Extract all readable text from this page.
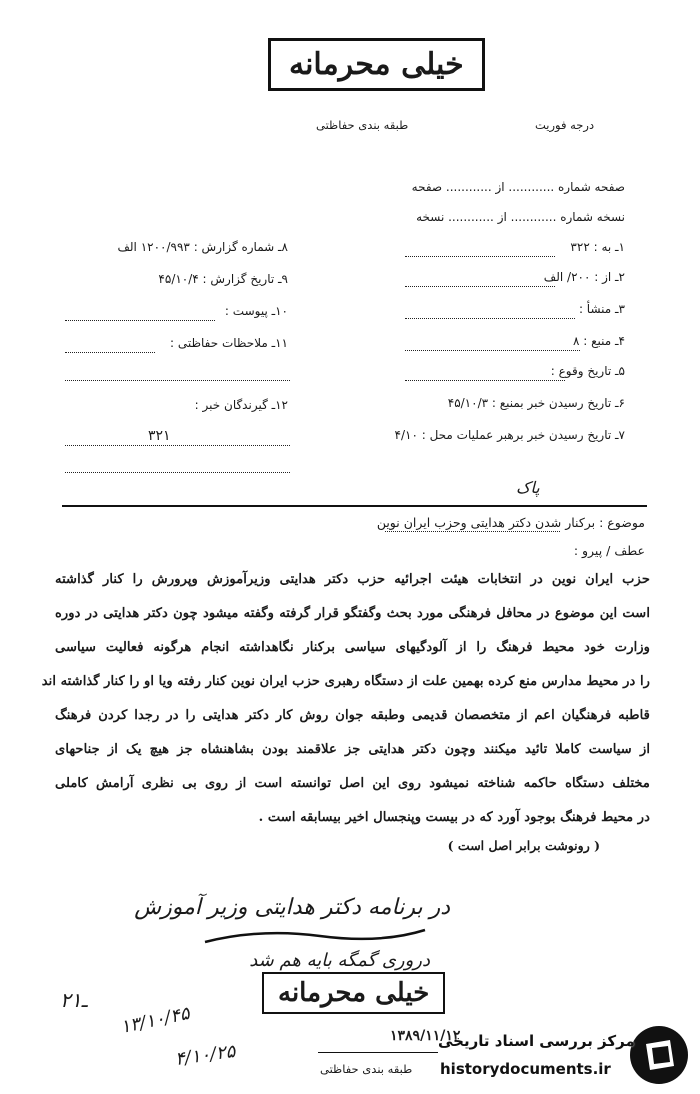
خیلی محرمانه
طبقه بندی حفاظتی	درجه فوریت
صفحه شماره ............ از ............ صفحه
نسخه شماره ............ از ............ نسخه
۱ـ به : ۳۲۲
۲ـ از : ۲۰۰/ الف
۳ـ منشأ :
۴ـ منبع : ۸
۵ـ تاریخ وقوع :
۶ـ تاریخ رسیدن خبر بمنبع : ۴۵/۱۰/۳
۷ـ تاریخ رسیدن خبر برهبر عملیات محل : ۴/۱۰
۸ـ شماره گزارش : ۱۲۰۰/۹۹۳ الف
۹ـ تاریخ گزارش : ۴۵/۱۰/۴
۱۰ـ پیوست :
۱۱ـ ملاحظات حفاظتی :
۱۲ـ گیرندگان خبر :
۳۲۱
پاک
موضوع : برکنار شدن دکتر هدایتی وحزب ایران نوین
عطف / پیرو :
حزب ایران نوین در انتخابات هیئت اجرائیه حزب دکتر هدایتی وزیرآموزش وپرورش را کنار گذاشته
است این موضوع در محافل فرهنگی مورد بحث وگفتگو قرار گرفته وگفته میشود چون دکتر هدایتی در دوره
وزارت خود محیط فرهنگ را از آلودگیهای سیاسی برکنار نگاهداشته انجام هرگونه فعالیت سیاسی
را در محیط مدارس منع کرده بهمین علت از دستگاه رهبری حزب ایران نوین کنار رفته ویا او را کنار گذاشته اند
قاطبه فرهنگیان اعم از متخصصان قدیمی وطبقه جوان روش کار دکتر هدایتی را در رجدا کردن فرهنگ
از سیاست کاملا تائید میکنند وچون دکتر هدایتی جز علاقمند بودن بشاهنشاه جز هیچ یک از جناحهای
مختلف دستگاه حاکمه شناخته نمیشود روی این اصل توانسته است از روی بی نظری آرامش کاملی
در محیط فرهنگ بوجود آورد که در بیست وپنجسال اخیر بیسابقه است .
( رونوشت برابر اصل است )
در برنامه دکتر هدایتی وزیر آموزش
دروری گمگه بایه هم شد
۲۱ـ
۱۳/۱۰/۴۵
۴/۱۰/۲۵
خیلی محرمانه
۱۳۸۹/۱۱/۱۲
طبقه بندی حفاظتی
مرکز بررسی اسناد تاریخی
historydocuments.ir
